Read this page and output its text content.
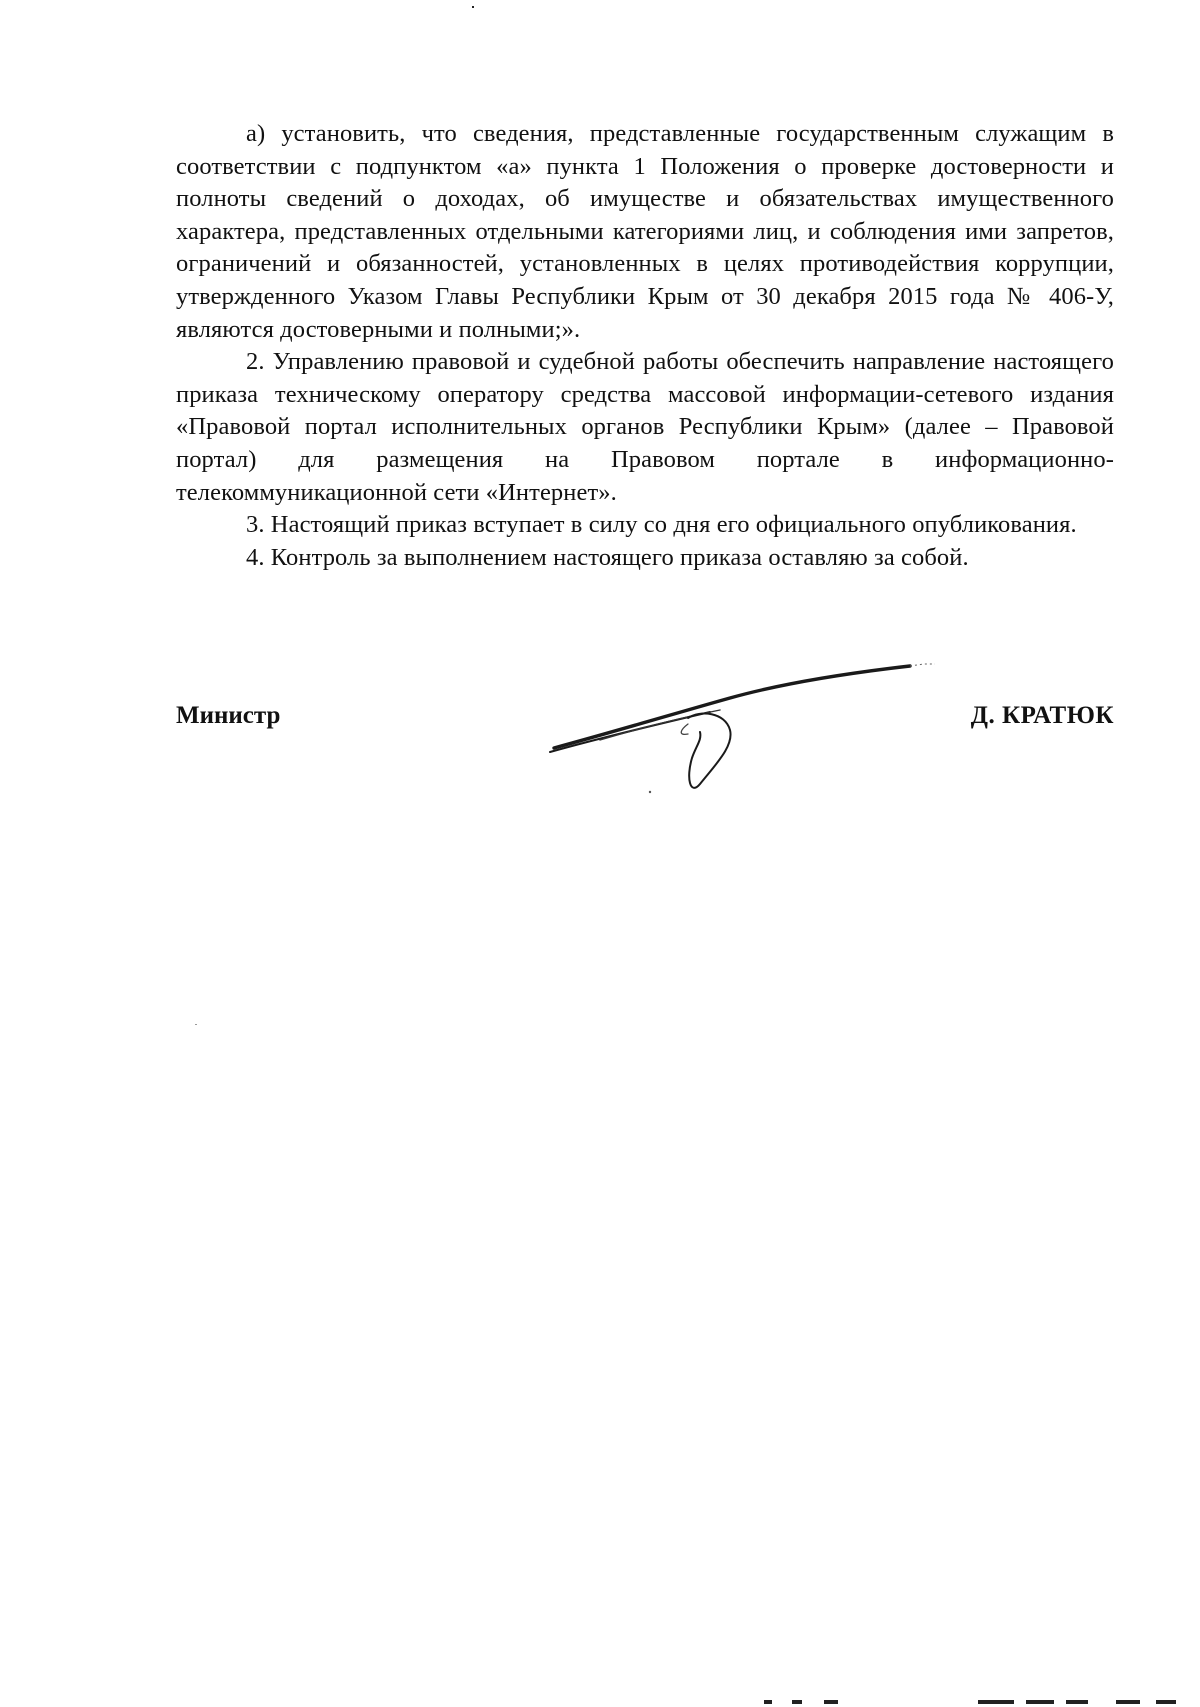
а) установить, что сведения, представленные государственным служащим в соответствии с подпунктом «а» пункта 1 Положения о проверке достоверности и полноты сведений о доходах, об имуществе и обязательствах имущественного характера, представленных отдельными категориями лиц, и соблюдения ими запретов, ограничений и обязанностей, установленных в целях противодействия коррупции, утвержденного Указом Главы Республики Крым от 30 декабря 2015 года № 406-У, являются достоверными и полными;».

2. Управлению правовой и судебной работы обеспечить направление настоящего приказа техническому оператору средства массовой информации-сетевого издания «Правовой портал исполнительных органов Республики Крым» (далее – Правовой портал) для размещения на Правовом портале в информационно-телекоммуникационной сети «Интернет».

3. Настоящий приказ вступает в силу со дня его официального опубликования.

4. Контроль за выполнением настоящего приказа оставляю за собой.

Министр	Д. КРАТЮК
